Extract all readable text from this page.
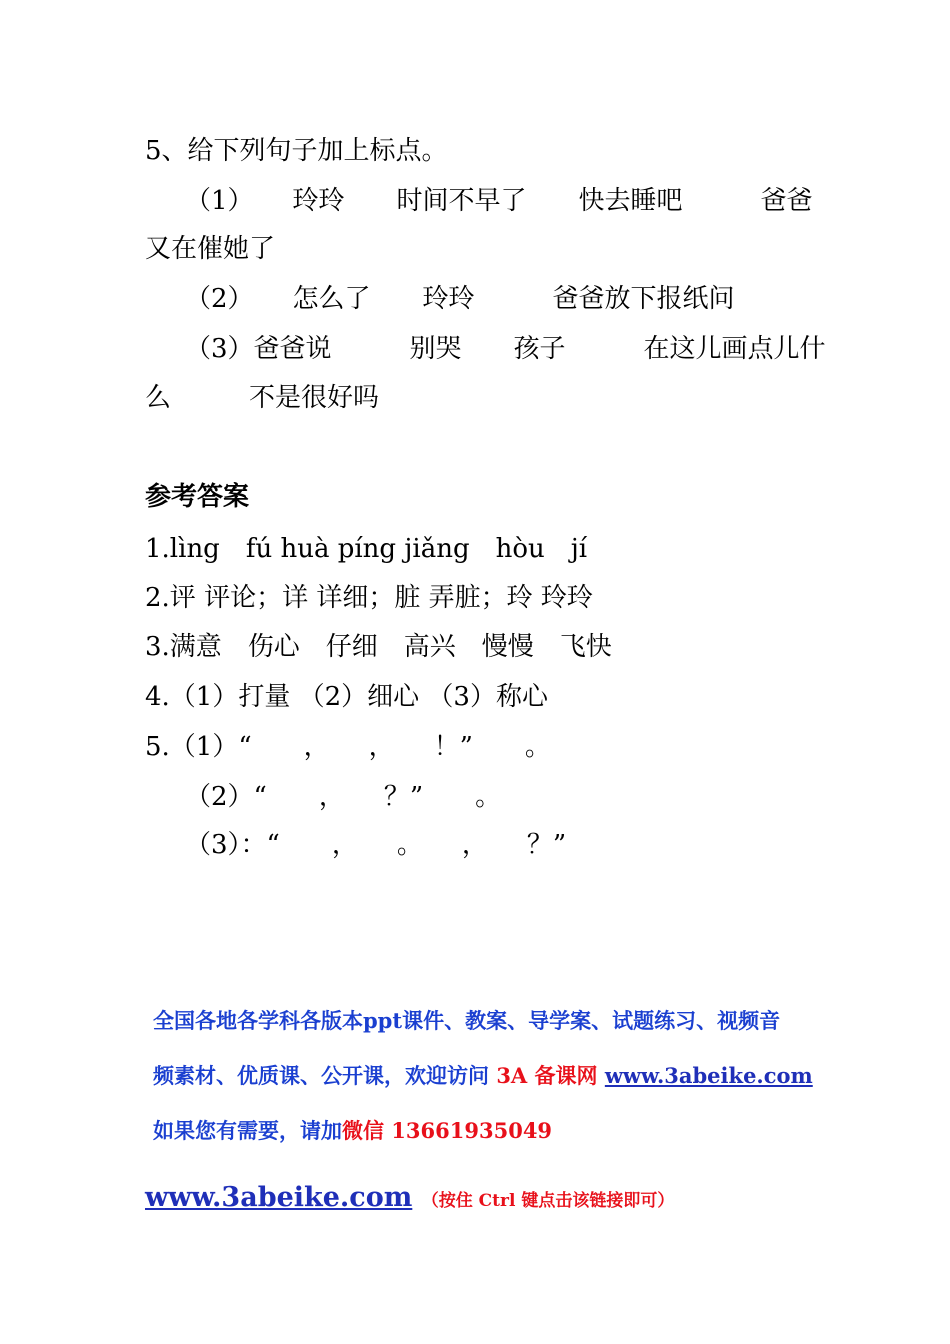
5、给下列句子加上标点。
（1）　　玲玲　　时间不早了　　快去睡吧　　　爸爸
又在催她了
（2）　　怎么了　　玲玲　　　爸爸放下报纸问
（3）爸爸说　　　别哭　　孩子　　　在这儿画点儿什
么　　　不是很好吗
参考答案
1.lìng　fú huà píng jiǎng　hòu　jí
2.评 评论；详 详细；脏 弄脏；玲 玲玲
3.满意　伤心　仔细　高兴　慢慢　飞快
4.（1）打量 （2）细心 （3）称心
5.（1）“　　，　　，　　！”　　。
（2）“　　，　　？”　　。
（3）：“　　，　　。　　，　　？”
全国各地各学科各版本ppt课件、教案、导学案、试题练习、视频音
频素材、优质课、公开课，欢迎访问 3A 备课网 www.3abeike.com
如果您有需要，请加微信 13661935049
www.3abeike.com （按住 Ctrl 键点击该链接即可）
